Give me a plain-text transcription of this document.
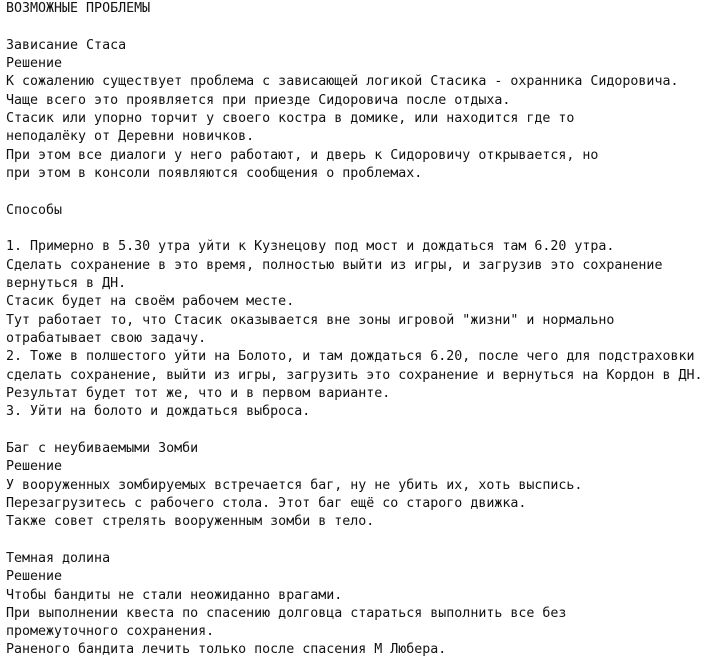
ВОЗМОЖНЫЕ ПРОБЛЕМЫ
Зависание Стаса
Решение
К сожалению существует проблема с зависающей логикой Стасика - охранника Сидоровича.
Чаще всего это проявляется при приезде Сидоровича после отдыха.
Стасик или упорно торчит у своего костра в домике, или находится где то
неподалёку от Деревни новичков.
При этом все диалоги у него работают, и дверь к Сидоровичу открывается, но
при этом в консоли появляются сообщения о проблемах.
Способы
1. Примерно в 5.30 утра уйти к Кузнецову под мост и дождаться там 6.20 утра.
Сделать сохранение в это время, полностью выйти из игры, и загрузив это сохранение
вернуться в ДН.
Стасик будет на своём рабочем месте.
Тут работает то, что Стасик оказывается вне зоны игровой "жизни" и нормально
отрабатывает свою задачу.
2. Тоже в полшестого уйти на Болото, и там дождаться 6.20, после чего для подстраховки
сделать сохранение, выйти из игры, загрузить это сохранение и вернуться на Кордон в ДН.
Результат будет тот же, что и в первом варианте.
3. Уйти на болото и дождаться выброса.
Баг с неубиваемыми Зомби
Решение
У вооруженных зомбируемых встречается баг, ну не убить их, хоть выспись.
Перезагрузитесь с рабочего стола. Этот баг ещё со старого движка.
Также совет стрелять вооруженным зомби в тело.
Темная долина
Решение
Чтобы бандиты не стали неожиданно врагами.
При выполнении квеста по спасению долговца стараться выполнить все без
промежуточного сохранения.
Раненого бандита лечить только после спасения М Любера.
